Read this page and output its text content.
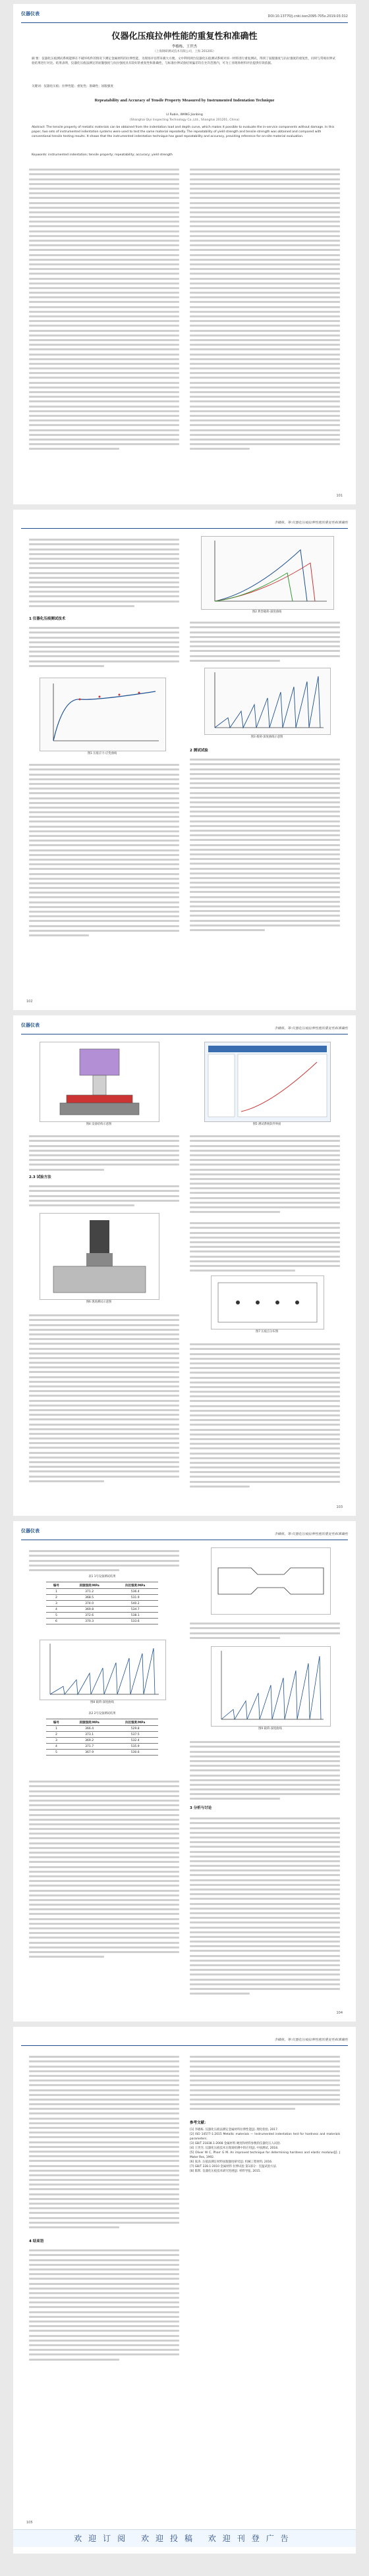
仪器仪表	DOI:10.13770/j.cnki.issn2095-705x.2019.03.012
仪器化压痕拉伸性能的重复性和准确性
李樯栋，王世杰
（上海钢研测试技术有限公司，上海 201201）
摘 要：仪器化压痕测试系统能够在不破坏构件的情况下测定金属材料的拉伸性能，为现场评估带来极大方便。文中利用两台仪器化压痕测试系统对同一材料进行重复测试，得到了屈服强度与抗拉强度的重复性，同时与常规拉伸试验结果进行对比。结果表明，仪器化压痕法测定的屈服强度与抗拉强度具有较好的重复性和准确性，与标准拉伸试验结果偏差均在允许范围内，可为工业现场材料评估提供有效依据。
关键词：仪器化压痕；拉伸性能；重复性；准确性；屈服强度
Repeatability and Accuracy of Tensile Property Measured by Instrumented Indentation Technique
LI Rubin, WANG Jianbing
(Shanghai Qiyi Inspecting Technology Co.,Ltd., Shanghai 201201, China)
Abstract: The tensile property of metallic materials can be obtained from the indentation load and depth curve, which makes it possible to evaluate the in-service components without damage. In this paper, two sets of instrumented indentation systems were used to test the same material repeatedly. The repeatability of yield strength and tensile strength was obtained and compared with conventional tensile testing results. It shows that the instrumented indentation technique has good repeatability and accuracy, providing reference for on-site material evaluation.
Keywords: instrumented indentation; tensile property; repeatability; accuracy; yield strength
101
李樯栋，等:仪器化压痕拉伸性能的重复性和准确性
1 仪器化压痕测试技术
图1 压痕应力-应变曲线
图2 典型载荷-深度曲线
图3 载荷-深度曲线示意图
2 测试试验
102
仪器仪表
李樯栋，等:仪器化压痕拉伸性能的重复性和准确性
图4 设备结构示意图	图5 测试系统软件界面
2.3 试验方法
图6 现场测试示意图
图7 压痕点分布图
103
仪器仪表
李樯栋，等:仪器化压痕拉伸性能的重复性和准确性
表1 1号设备测试结果
编号	屈服强度/MPa	抗拉强度/MPa
1	371.2	536.4
2	368.5	531.9
3	374.0	540.2
4	369.8	534.7
5	372.6	538.1
6	370.3	533.6
图8 载荷-深度曲线
表2 2号设备测试结果
编号	屈服强度/MPa	抗拉强度/MPa
1	366.4	529.8
2	373.1	537.5
3	369.2	532.4
4	371.7	535.9
5	367.9	530.6
图9 载荷-深度曲线
3 分析与讨论
104
李樯栋，等:仪器化压痕拉伸性能的重复性和准确性
4 结束语
参考文献：
[1] 李樯栋. 仪器化压痕法测定金属材料拉伸性能[J]. 理化检验, 2017.
[2] ISO 14577-1:2015 Metallic materials — Instrumented indentation test for hardness and materials parameters.
[3] GB/T 21838.1-2008 金属材料 硬度和材料参数的仪器化压入试验.
[4] 王世杰. 仪器化压痕技术在现场检测中的应用[J]. 中国测试, 2018.
[5] Oliver W C, Pharr G M. An improved technique for determining hardness and elastic modulus[J]. J Mater Res, 1992.
[6] 张涛. 压痕法测定材料屈服强度研究[J]. 机械工程材料, 2016.
[7] GB/T 228.1-2010 金属材料 拉伸试验 第1部分：室温试验方法.
[8] 陈辉. 仪器化压痕技术研究进展[J]. 材料导报, 2015.
欢迎订阅 欢迎投稿 欢迎刊登广告
105
